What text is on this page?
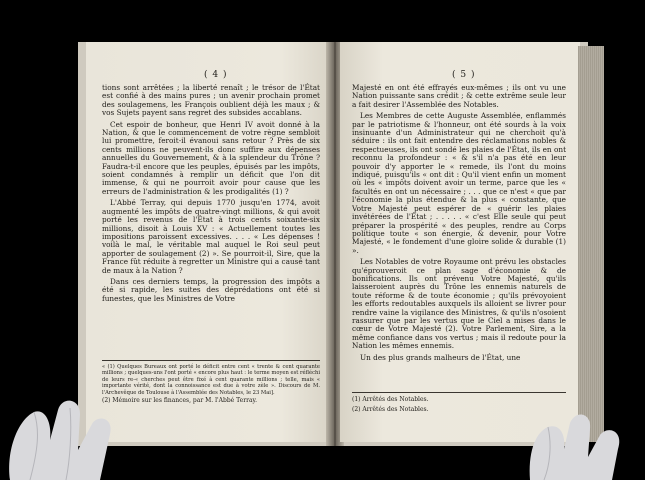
( 4 )

tions sont arrêtées ; la liberté renaît ; le trésor de l'État est confié à des mains pures ; un avenir prochain promet des soulagemens, les François oublient déjà les maux ; & vos Sujets payent sans regret des subsides accablans.

Cet espoir de bonheur, que Henri IV avoit donné à la Nation, & que le commencement de votre règne sembloit lui promettre, feroit-il évanoui sans retour ? Près de six cents millions ne peuvent-ils donc suffire aux dépenses annuelles du Gouvernement, & à la splendeur du Trône ? Faudra-t-il encore que les peuples, épuisés par les impôts, soient condamnés à remplir un déficit que l'on dit immense, & qui ne pourroit avoir pour cause que les erreurs de l'administration & les prodigalités (1) ?

L'Abbé Terray, qui depuis 1770 jusqu'en 1774, avoit augmenté les impôts de quatre-vingt millions, & qui avoit porté les revenus de l'État à trois cents soixante-six millions, disoit à Louis XV : « Actuellement toutes les impositions paroissent excessives. . . . « Les dépenses ! voilà le mal, le véritable mal auquel le Roi seul peut apporter de soulagement (2) ». Se pourroit-il, Sire, que la France fût réduite à regretter un Ministre qui a causé tant de maux à la Nation ?

Dans ces derniers temps, la progression des impôts a été si rapide, les suites des déprédations ont été si funestes, que les Ministres de Votre

« (1) Quelques Bureaux ont porté le déficit entre cent « trente & cent quarante millions ; quelques-uns l'ont porté « encore plus haut : le terme moyen est réfléchi de leurs re-« cherches peut être fixé à cent quarante millions ; telle, mais « importante vérité, dont la connoissance est due à votre zèle ». Discours de M. l'Archevêque de Toulouse à l'Assemblée des Notables, le 23 Mai].

(2) Mémoire sur les finances, par M. l'Abbé Terray.

( 5 )

Majesté en ont été effrayés eux-mêmes ; ils ont vu une Nation puissante sans crédit ; & cette extrême seule leur a fait desirer l'Assemblée des Notables.

Les Membres de cette Auguste Assemblée, enflammés par le patriotisme & l'honneur, ont été sourds à la voix insinuante d'un Administrateur qui ne cherchoit qu'à séduire : ils ont fait entendre des réclamations nobles & respectueuses, ils ont sondé les plaies de l'État, ils en ont reconnu la profondeur : « & s'il n'a pas été en leur pouvoir d'y apporter le « remede, ils l'ont du moins indiqué, puisqu'ils « ont dit : Qu'il vient enfin un moment où les « impôts doivent avoir un terme, parce que les « facultés en ont un nécessaire ; . . . que ce n'est « que par l'économie la plus étendue & la plus « constante, que Votre Majesté peut espérer de « guérir les plaies invétérées de l'État ; . . . . . « c'est Elle seule qui peut préparer la prospérité « des peuples, rendre au Corps politique toute « son énergie, & devenir, pour Votre Majesté, « le fondement d'une gloire solide & durable (1) ».

Les Notables de votre Royaume ont prévu les obstacles qu'éprouveroit ce plan sage d'économie & de bonifications. Ils ont prévenu Votre Majesté, qu'ils laisseroient auprès du Trône les ennemis naturels de toute réforme & de toute économie ; qu'ils prévoyoient les efforts redoutables auxquels ils alloient se livrer pour rendre vaine la vigilance des Ministres, & qu'ils n'osoient rassurer que par les vertus que le Ciel a mises dans le cœur de Votre Majesté (2). Votre Parlement, Sire, a la même confiance dans vos vertus ; mais il redoute pour la Nation les mêmes ennemis.

Un des plus grands malheurs de l'État, une

(1) Arrêtés des Notables.

(2) Arrêtés des Notables.
